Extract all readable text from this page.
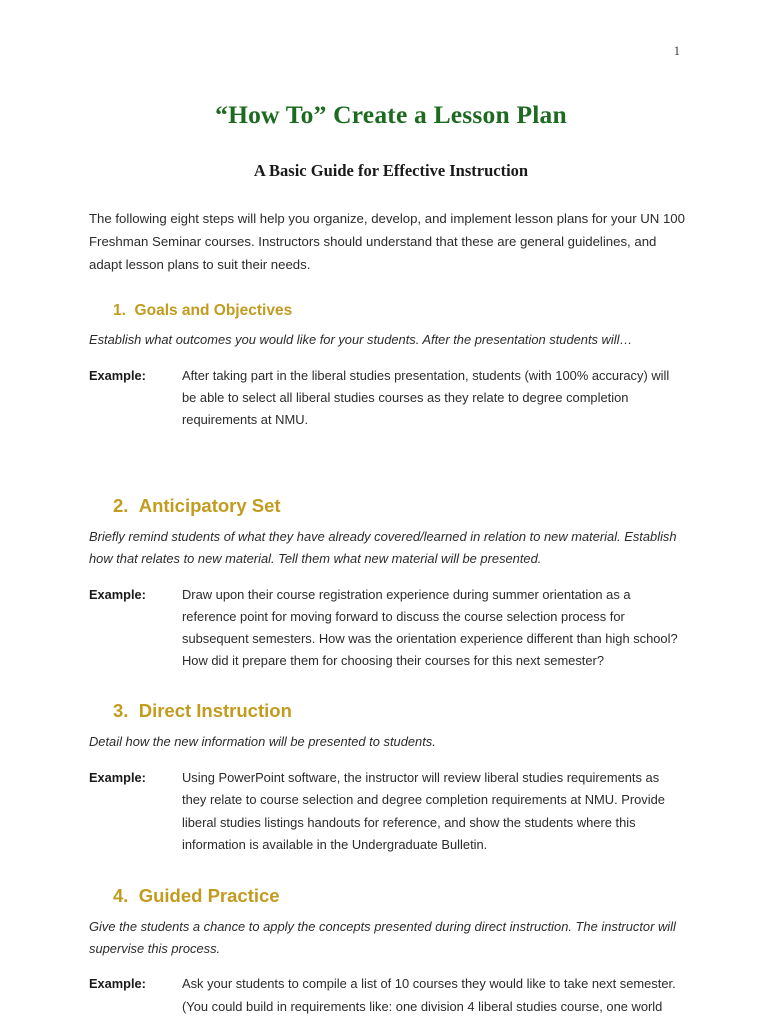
1
“How To” Create a Lesson Plan
A Basic Guide for Effective Instruction

The following eight steps will help you organize, develop, and implement lesson plans for your UN 100 Freshman Seminar courses. Instructors should understand that these are general guidelines, and adapt lesson plans to suit their needs.

1.  Goals and Objectives

Establish what outcomes you would like for your students. After the presentation students will…

Example:	After taking part in the liberal studies presentation, students (with 100% accuracy) will be able to select all liberal studies courses as they relate to degree completion requirements at NMU.
2.  Anticipatory Set

Briefly remind students of what they have already covered/learned in relation to new material. Establish how that relates to new material. Tell them what new material will be presented.

Example:	Draw upon their course registration experience during summer orientation as a reference point for moving forward to discuss the course selection process for subsequent semesters. How was the orientation experience different than high school? How did it prepare them for choosing their courses for this next semester?
3.  Direct Instruction

Detail how the new information will be presented to students.

Example:	Using PowerPoint software, the instructor will review liberal studies requirements as they relate to course selection and degree completion requirements at NMU. Provide liberal studies listings handouts for reference, and show the students where this information is available in the Undergraduate Bulletin.
4.  Guided Practice

Give the students a chance to apply the concepts presented during direct instruction. The instructor will supervise this process.

Example:	Ask your students to compile a list of 10 courses they would like to take next semester. (You could build in requirements like: one division 4 liberal studies course, one world
